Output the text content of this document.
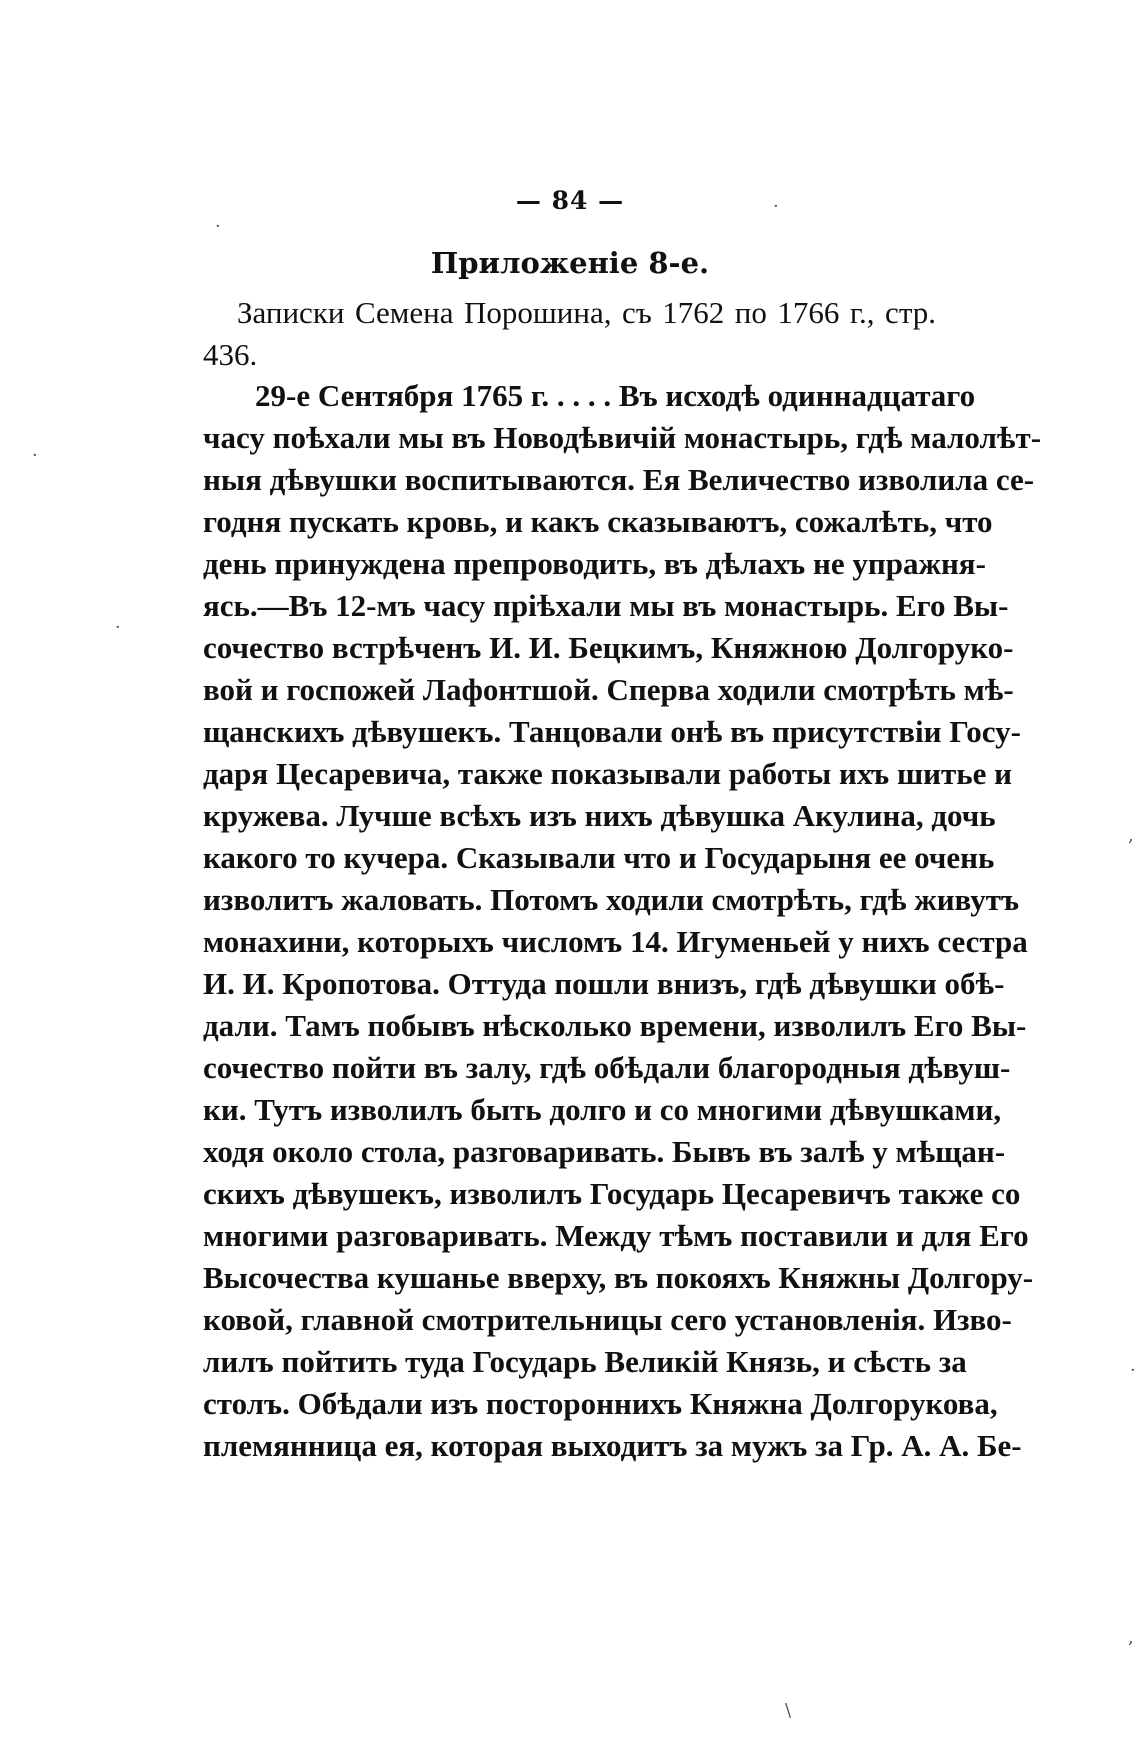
— 84 —
Приложеніе 8-е.
Записки Семена Порошина, съ 1762 по 1766 г., стр.
436.
29-е Сентября 1765 г. . . . . Въ исходѣ одиннадцатаго
часу поѣхали мы въ Новодѣвичій монастырь, гдѣ малолѣт-
ныя дѣвушки воспитываются. Ея Величество изволила се-
годня пускать кровь, и какъ сказываютъ, сожалѣть, что
день принуждена препроводить, въ дѣлахъ не упражня-
ясь.—Въ 12-мъ часу пріѣхали мы въ монастырь. Его Вы-
сочество встрѣченъ И. И. Бецкимъ, Княжною Долгоруко-
вой и госпожей Лафонтшой. Сперва ходили смотрѣть мѣ-
щанскихъ дѣвушекъ. Танцовали онѣ въ присутствіи Госу-
даря Цесаревича, также показывали работы ихъ шитье и
кружева. Лучше всѣхъ изъ нихъ дѣвушка Акулина, дочь
какого то кучера. Сказывали что и Государыня ее очень
изволитъ жаловать. Потомъ ходили смотрѣть, гдѣ живутъ
монахини, которыхъ числомъ 14. Игуменьей у нихъ сестра
И. И. Кропотова. Оттуда пошли внизъ, гдѣ дѣвушки обѣ-
дали. Тамъ побывъ нѣсколько времени, изволилъ Его Вы-
сочество пойти въ залу, гдѣ обѣдали благородныя дѣвуш-
ки. Тутъ изволилъ быть долго и со многими дѣвушками,
ходя около стола, разговаривать. Бывъ въ залѣ у мѣщан-
скихъ дѣвушекъ, изволилъ Государь Цесаревичъ также со
многими разговаривать. Между тѣмъ поставили и для Его
Высочества кушанье вверху, въ покояхъ Княжны Долгору-
ковой, главной смотрительницы сего установленія. Изво-
лилъ пойтить туда Государь Великій Князь, и сѣсть за
столъ. Обѣдали изъ постороннихъ Княжна Долгорукова,
племянница ея, которая выходитъ за мужъ за Гр. А. А. Бе-
·
·
,
·
,
\
·
·
